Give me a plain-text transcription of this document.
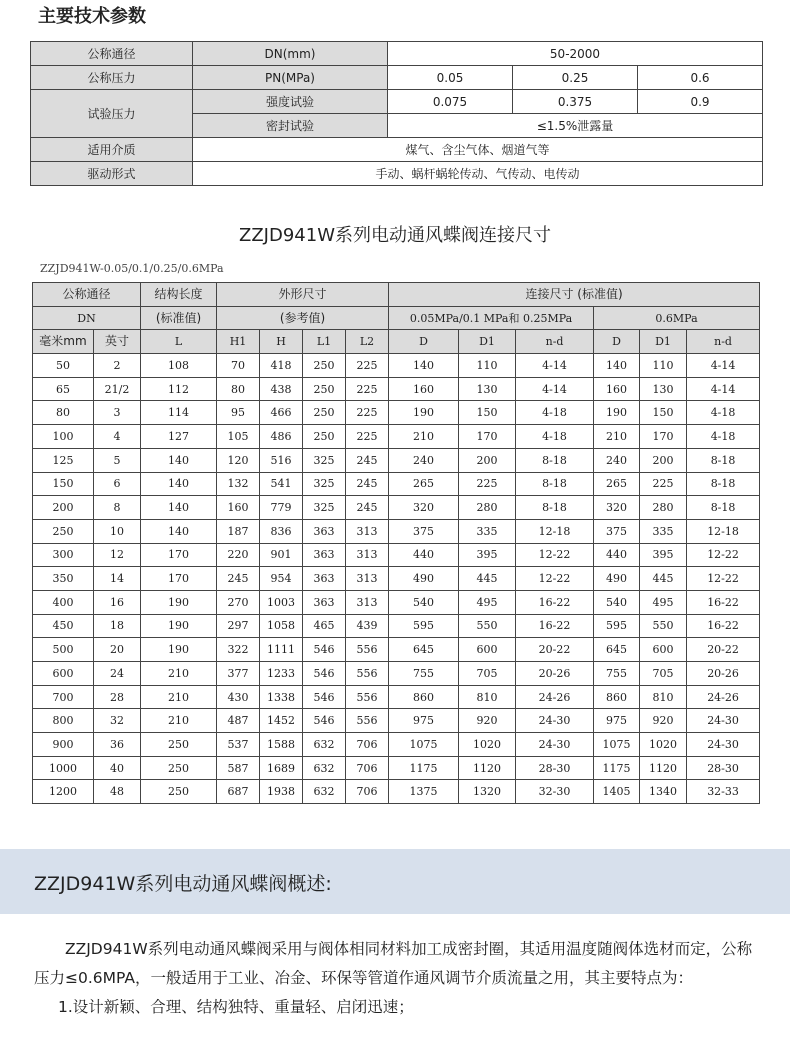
主要技术参数
公称通径	DN(mm)	50-2000		
公称压力	PN(MPa)	0.05	0.25	0.6
试验压力	强度试验	0.075	0.375	0.9
	密封试验	≤1.5%泄露量		
适用介质	煤气、含尘气体、烟道气等			
驱动形式	手动、蜗杆蜗轮传动、气传动、电传动			
ZZJD941W系列电动通风蝶阀连接尺寸
ZZJD941W-0.05/0.1/0.25/0.6MPa
公称通径		结构长度	外形尺寸				连接尺寸 (标准值)					
DN		(标准值)	(参考值)				0.05MPa/0.1 MPa和 0.25MPa			0.6MPa		
毫米mm	英寸	L	H1	H	L1	L2	D	D1	n-d	D	D1	n-d
50	2	108	70	418	250	225	140	110	4-14	140	110	4-14
65	21/2	112	80	438	250	225	160	130	4-14	160	130	4-14
80	3	114	95	466	250	225	190	150	4-18	190	150	4-18
100	4	127	105	486	250	225	210	170	4-18	210	170	4-18
125	5	140	120	516	325	245	240	200	8-18	240	200	8-18
150	6	140	132	541	325	245	265	225	8-18	265	225	8-18
200	8	140	160	779	325	245	320	280	8-18	320	280	8-18
250	10	140	187	836	363	313	375	335	12-18	375	335	12-18
300	12	170	220	901	363	313	440	395	12-22	440	395	12-22
350	14	170	245	954	363	313	490	445	12-22	490	445	12-22
400	16	190	270	1003	363	313	540	495	16-22	540	495	16-22
450	18	190	297	1058	465	439	595	550	16-22	595	550	16-22
500	20	190	322	1111	546	556	645	600	20-22	645	600	20-22
600	24	210	377	1233	546	556	755	705	20-26	755	705	20-26
700	28	210	430	1338	546	556	860	810	24-26	860	810	24-26
800	32	210	487	1452	546	556	975	920	24-30	975	920	24-30
900	36	250	537	1588	632	706	1075	1020	24-30	1075	1020	24-30
1000	40	250	587	1689	632	706	1175	1120	28-30	1175	1120	28-30
1200	48	250	687	1938	632	706	1375	1320	32-30	1405	1340	32-33
ZZJD941W系列电动通风蝶阀概述:

ZZJD941W系列电动通风蝶阀采用与阀体相同材料加工成密封圈，其适用温度随阀体选材而定，公称压力≤0.6MPA，一般适用于工业、冶金、环保等管道作通风调节介质流量之用，其主要特点为：

1.设计新颖、合理、结构独特、重量轻、启闭迅速；
